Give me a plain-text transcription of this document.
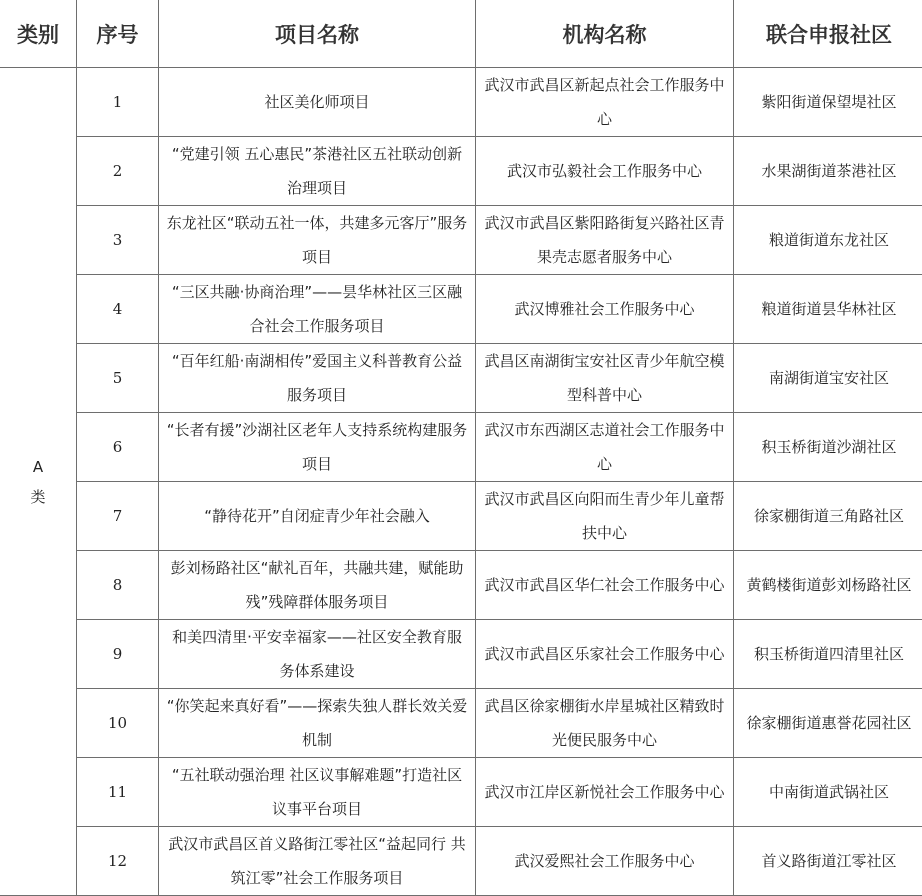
类别	序号	项目名称	机构名称	联合申报社区

A
类	1	社区美化师项目	武汉市武昌区新起点社会工作服务中心	紫阳街道保望堤社区
	2	“党建引领 五心惠民”茶港社区五社联动创新治理项目	武汉市弘毅社会工作服务中心	水果湖街道茶港社区
	3	东龙社区“联动五社一体，共建多元客厅”服务项目	武汉市武昌区紫阳路街复兴路社区青果壳志愿者服务中心	粮道街道东龙社区
	4	“三区共融·协商治理”——昙华林社区三区融合社会工作服务项目	武汉博雅社会工作服务中心	粮道街道昙华林社区
	5	“百年红船·南湖相传”爱国主义科普教育公益服务项目	武昌区南湖街宝安社区青少年航空模型科普中心	南湖街道宝安社区
	6	“长者有援”沙湖社区老年人支持系统构建服务项目	武汉市东西湖区志道社会工作服务中心	积玉桥街道沙湖社区
	7	“静待花开”自闭症青少年社会融入	武汉市武昌区向阳而生青少年儿童帮扶中心	徐家棚街道三角路社区
	8	彭刘杨路社区“献礼百年，共融共建，赋能助残”残障群体服务项目	武汉市武昌区华仁社会工作服务中心	黄鹤楼街道彭刘杨路社区
	9	和美四清里·平安幸福家——社区安全教育服务体系建设	武汉市武昌区乐家社会工作服务中心	积玉桥街道四清里社区
	10	“你笑起来真好看”——探索失独人群长效关爱机制	武昌区徐家棚街水岸星城社区精致时光便民服务中心	徐家棚街道惠誉花园社区
	11	“五社联动强治理 社区议事解难题”打造社区议事平台项目	武汉市江岸区新悦社会工作服务中心	中南街道武锅社区
	12	武汉市武昌区首义路街江零社区“益起同行 共筑江零”社会工作服务项目	武汉爱熙社会工作服务中心	首义路街道江零社区
